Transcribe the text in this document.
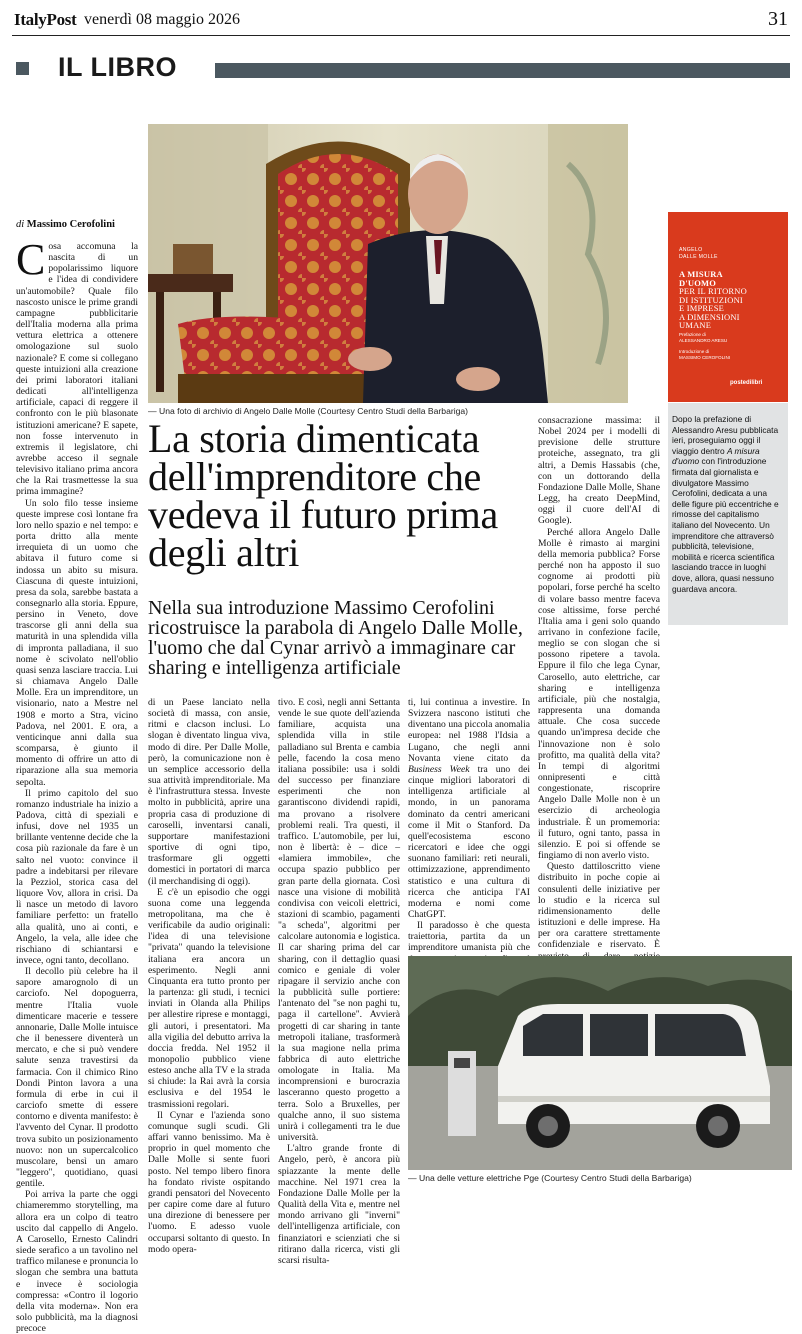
ItalyPost venerdì 08 maggio 2026	31
IL LIBRO
— Una foto di archivio di Angelo Dalle Molle (Courtesy Centro Studi della Barbariga)
ANGELO
DALLE MOLLE
A MISURA
D'UOMO
PER IL RITORNO
DI ISTITUZIONI
E IMPRESE
A DIMENSIONI
UMANE
Prefazione di
ALESSANDRO ARESU

Introduzione di
MASSIMO CEROFOLINI
postedilibri
Dopo la prefazione di Alessandro Aresu pubblicata ieri, proseguiamo oggi il viaggio dentro A misura d'uomo con l'introduzione firmata dal giornalista e divulgatore Massimo Cerofolini, dedicata a una delle figure più eccentriche e rimosse del capitalismo italiano del Novecento. Un imprenditore che attraversò pubblicità, televisione, mobilità e ricerca scientifica lasciando tracce in luoghi dove, allora, quasi nessuno guardava ancora.
di Massimo Cerofolini

Cosa accomuna la nascita di un popolarissimo liquore e l'idea di condividere un'automobile? Quale filo nascosto unisce le prime grandi campagne pubblicitarie dell'Italia moderna alla prima vettura elettrica a ottenere omologazione sul suolo nazionale? E come si collegano queste intuizioni alla creazione dei primi laboratori italiani dedicati all'intelligenza artificiale, capaci di reggere il confronto con le più blasonate istituzioni americane? E sapete, non fosse intervenuto in extremis il legislatore, chi avrebbe acceso il segnale televisivo italiano prima ancora che la Rai trasmettesse la sua prima immagine?

Un solo filo tesse insieme queste imprese così lontane fra loro nello spazio e nel tempo: e porta dritto alla mente irrequieta di un uomo che abitava il futuro come si indossa un abito su misura. Ciascuna di queste intuizioni, presa da sola, sarebbe bastata a consegnarlo alla storia. Eppure, persino in Veneto, dove trascorse gli anni della sua maturità in una splendida villa di impronta palladiana, il suo nome è scivolato nell'oblio quasi senza lasciare traccia. Lui si chiamava Angelo Dalle Molle. Era un imprenditore, un visionario, nato a Mestre nel 1908 e morto a Stra, vicino Padova, nel 2001. E ora, a venticinque anni dalla sua scomparsa, è giunto il momento di offrire un atto di riparazione alla sua memoria sepolta.

Il primo capitolo del suo romanzo industriale ha inizio a Padova, città di speziali e infusi, dove nel 1935 un brillante ventenne decide che la cosa più razionale da fare è un salto nel vuoto: convince il padre a indebitarsi per rilevare la Pezziol, storica casa del liquore Vov, allora in crisi. Da lì nasce un metodo di lavoro familiare perfetto: un fratello alla qualità, uno ai conti, e Angelo, la vela, alle idee che rischiano di schiantarsi e invece, ogni tanto, decollano.

Il decollo più celebre ha il sapore amarognolo di un carciofo. Nel dopoguerra, mentre l'Italia vuole dimenticare macerie e tessere annonarie, Dalle Molle intuisce che il benessere diventerà un mercato, e che si può vendere salute senza travestirsi da farmacia. Con il chimico Rino Dondi Pinton lavora a una formula di erbe in cui il carciofo smette di essere contorno e diventa manifesto: è l'avvento del Cynar. Il prodotto trova subito un posizionamento nuovo: non un supercalcolico muscolare, bensì un amaro "leggero", quotidiano, quasi gentile.

Poi arriva la parte che oggi chiameremmo storytelling, ma allora era un colpo di teatro uscito dal cappello di Angelo. A Carosello, Ernesto Calindri siede serafico a un tavolino nel traffico milanese e pronuncia lo slogan che sembra una battuta e invece è sociologia compressa: «Contro il logorio della vita moderna». Non era solo pubblicità, ma la diagnosi precoce

La storia dimenticata dell'imprenditore che vedeva il futuro prima degli altri
Nella sua introduzione Massimo Cerofolini ricostruisce la parabola di Angelo Dalle Molle, l'uomo che dal Cynar arrivò a immaginare car sharing e intelligenza artificiale

di un Paese lanciato nella società di massa, con ansie, ritmi e clacson inclusi. Lo slogan è diventato lingua viva, modo di dire. Per Dalle Molle, però, la comunicazione non è un semplice accessorio della sua attività imprenditoriale. Ma è l'infrastruttura stessa. Investe molto in pubblicità, aprire una propria casa di produzione di caroselli, inventarsi canali, supportare manifestazioni sportive di ogni tipo, trasformare gli oggetti domestici in portatori di marca (il merchandising di oggi).

E c'è un episodio che oggi suona come una leggenda metropolitana, ma che è verificabile da audio originali: l'idea di una televisione "privata" quando la televisione italiana era ancora un esperimento. Negli anni Cinquanta era tutto pronto per la partenza: gli studi, i tecnici inviati in Olanda alla Philips per allestire riprese e montaggi, gli autori, i presentatori. Ma alla vigilia del debutto arriva la doccia fredda. Nel 1952 il monopolio pubblico viene esteso anche alla TV e la strada si chiude: la Rai avrà la corsia esclusiva e del 1954 le trasmissioni regolari.

Il Cynar e l'azienda sono comunque sugli scudi. Gli affari vanno benissimo. Ma è proprio in quel momento che Dalle Molle si sente fuori posto. Nel tempo libero finora ha fondato riviste ospitando grandi pensatori del Novecento per capire come dare al futuro una direzione di benessere per l'uomo. E adesso vuole occuparsi soltanto di questo. In modo opera-

tivo. E così, negli anni Settanta vende le sue quote dell'azienda familiare, acquista una splendida villa in stile palladiano sul Brenta e cambia pelle, facendo la cosa meno italiana possibile: usa i soldi del successo per finanziare esperimenti che non garantiscono dividendi rapidi, ma provano a risolvere problemi reali. Tra questi, il traffico. L'automobile, per lui, non è libertà: è – dice – «lamiera immobile», che occupa spazio pubblico per gran parte della giornata. Così nasce una visione di mobilità condivisa con veicoli elettrici, stazioni di scambio, pagamenti "a scheda", algoritmi per calcolare autonomia e logistica. Il car sharing prima del car sharing, con il dettaglio quasi comico e geniale di voler ripagare il servizio anche con la pubblicità sulle portiere: l'antenato del "se non paghi tu, paga il cartellone". Avvierà progetti di car sharing in tante metropoli italiane, trasformerà la sua magione nella prima fabbrica di auto elettriche omologate in Italia. Ma incomprensioni e burocrazia lasceranno questo progetto a terra. Solo a Bruxelles, per qualche anno, il suo sistema unirà i collegamenti tra le due università.

L'altro grande fronte di Angelo, però, è ancora più spiazzante la mente delle macchine. Nel 1971 crea la Fondazione Dalle Molle per la Qualità della Vita e, mentre nel mondo arrivano gli "inverni" dell'intelligenza artificiale, con finanziatori e scienziati che si ritirano dalla ricerca, visti gli scarsi risulta-

ti, lui continua a investire. In Svizzera nascono istituti che diventano una piccola anomalia europea: nel 1988 l'Idsia a Lugano, che negli anni Novanta viene citato da Business Week tra uno dei cinque migliori laboratori di intelligenza artificiale al mondo, in un panorama dominato da centri americani come il Mit o Stanford. Da quell'ecosistema escono ricercatori e idee che oggi suonano familiari: reti neurali, ottimizzazione, apprendimento statistico e una cultura di ricerca che anticipa l'AI moderna e nomi come ChatGPT.

Il paradosso è che questa traiettoria, partita da un imprenditore umanista più che

consacrazione massima: il Nobel 2024 per i modelli di previsione delle strutture proteiche, assegnato, tra gli altri, a Demis Hassabis (che, con un dottorando della Fondazione Dalle Molle, Shane Legg, ha creato DeepMind, oggi il cuore dell'AI di Google).

Perché allora Angelo Dalle Molle è rimasto ai margini della memoria pubblica? Forse perché non ha apposto il suo cognome ai prodotti più popolari, forse perché ha scelto di volare basso mentre faceva cose altissime, forse perché l'Italia ama i geni solo quando arrivano in confezione facile, meglio se con slogan che si possono ripetere a tavola. Eppure il filo che lega Cynar, Carosello, auto elettriche, car sharing e intelligenza artificiale, più che nostalgia, rappresenta una domanda attuale. Che cosa succede quando un'impresa decide che l'innovazione non è solo profitto, ma qualità della vita? In tempi di algoritmi onnipresenti e città congestionate, riscoprire Angelo Dalle Molle non è un esercizio di archeologia industriale. È un promemoria: il futuro, ogni tanto, passa in silenzio. E poi si offende se fingiamo di non averlo visto.

Questo dattiloscritto viene distribuito in poche copie ai consulenti delle iniziative per lo studio e la ricerca sul ridimensionamento delle istituzioni e delle imprese. Ha per ora carattere strettamente confidenziale e riservato. È

— Una delle vetture elettriche Pge (Courtesy Centro Studi della Barbariga)
